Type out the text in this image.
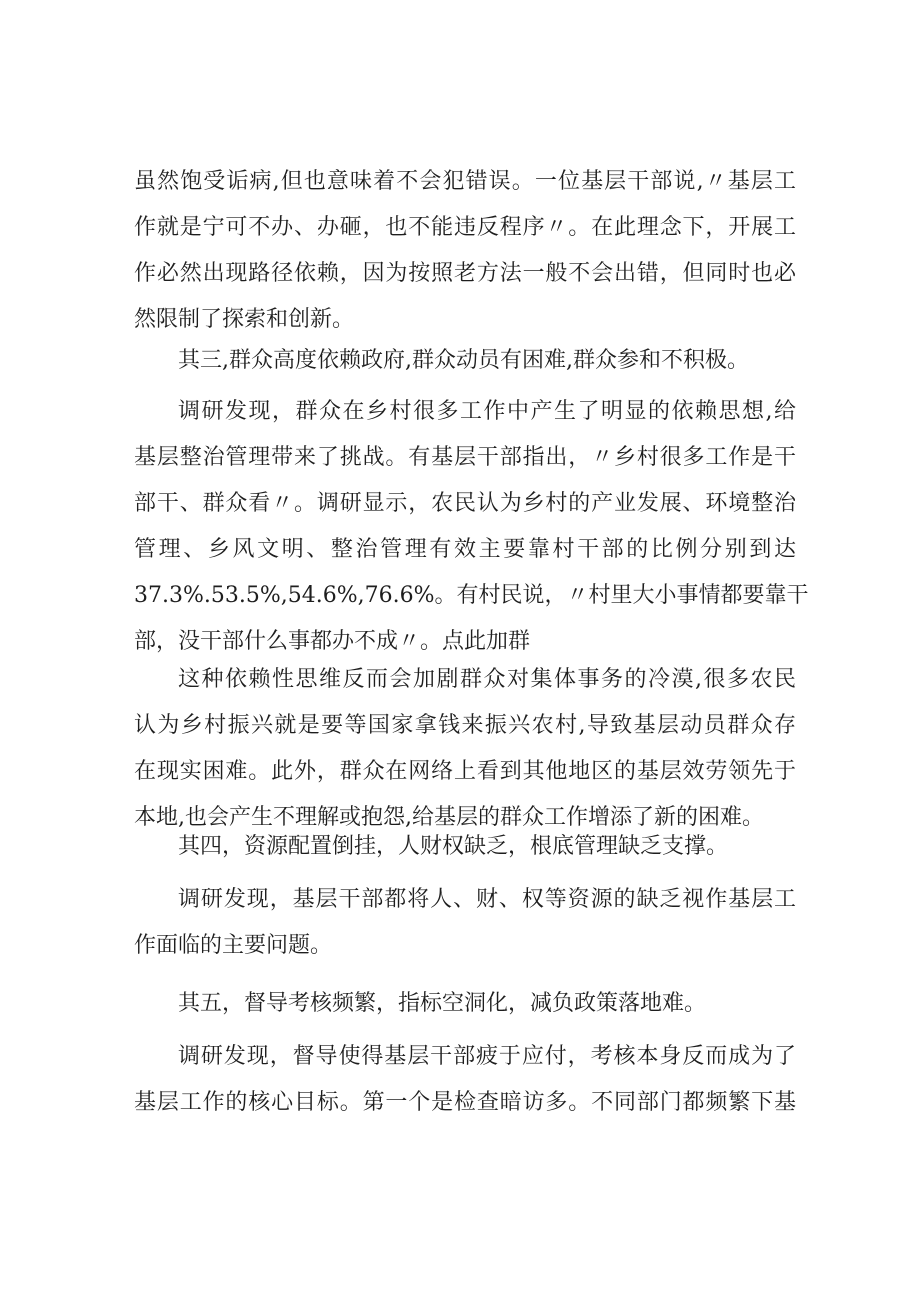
虽然饱受诟病,但也意味着不会犯错误。一位基层干部说,〃基层工
作就是宁可不办、办砸，也不能违反程序〃。在此理念下，开展工
作必然出现路径依赖，因为按照老方法一般不会出错，但同时也必
然限制了探索和创新。
其三,群众高度依赖政府,群众动员有困难,群众参和不积极。
调研发现，群众在乡村很多工作中产生了明显的依赖思想,给
基层整治管理带来了挑战。有基层干部指出，〃乡村很多工作是干
部干、群众看〃。调研显示，农民认为乡村的产业发展、环境整治
管理、乡风文明、整治管理有效主要靠村干部的比例分别到达
37.3%.53.5%,54.6%,76.6%。有村民说，〃村里大小事情都要靠干
部，没干部什么事都办不成〃。点此加群
这种依赖性思维反而会加剧群众对集体事务的冷漠,很多农民
认为乡村振兴就是要等国家拿钱来振兴农村,导致基层动员群众存
在现实困难。此外，群众在网络上看到其他地区的基层效劳领先于
本地,也会产生不理解或抱怨,给基层的群众工作增添了新的困难。
其四，资源配置倒挂，人财权缺乏，根底管理缺乏支撑。
调研发现，基层干部都将人、财、权等资源的缺乏视作基层工
作面临的主要问题。
其五，督导考核频繁，指标空洞化，减负政策落地难。
调研发现，督导使得基层干部疲于应付，考核本身反而成为了
基层工作的核心目标。第一个是检查暗访多。不同部门都频繁下基
